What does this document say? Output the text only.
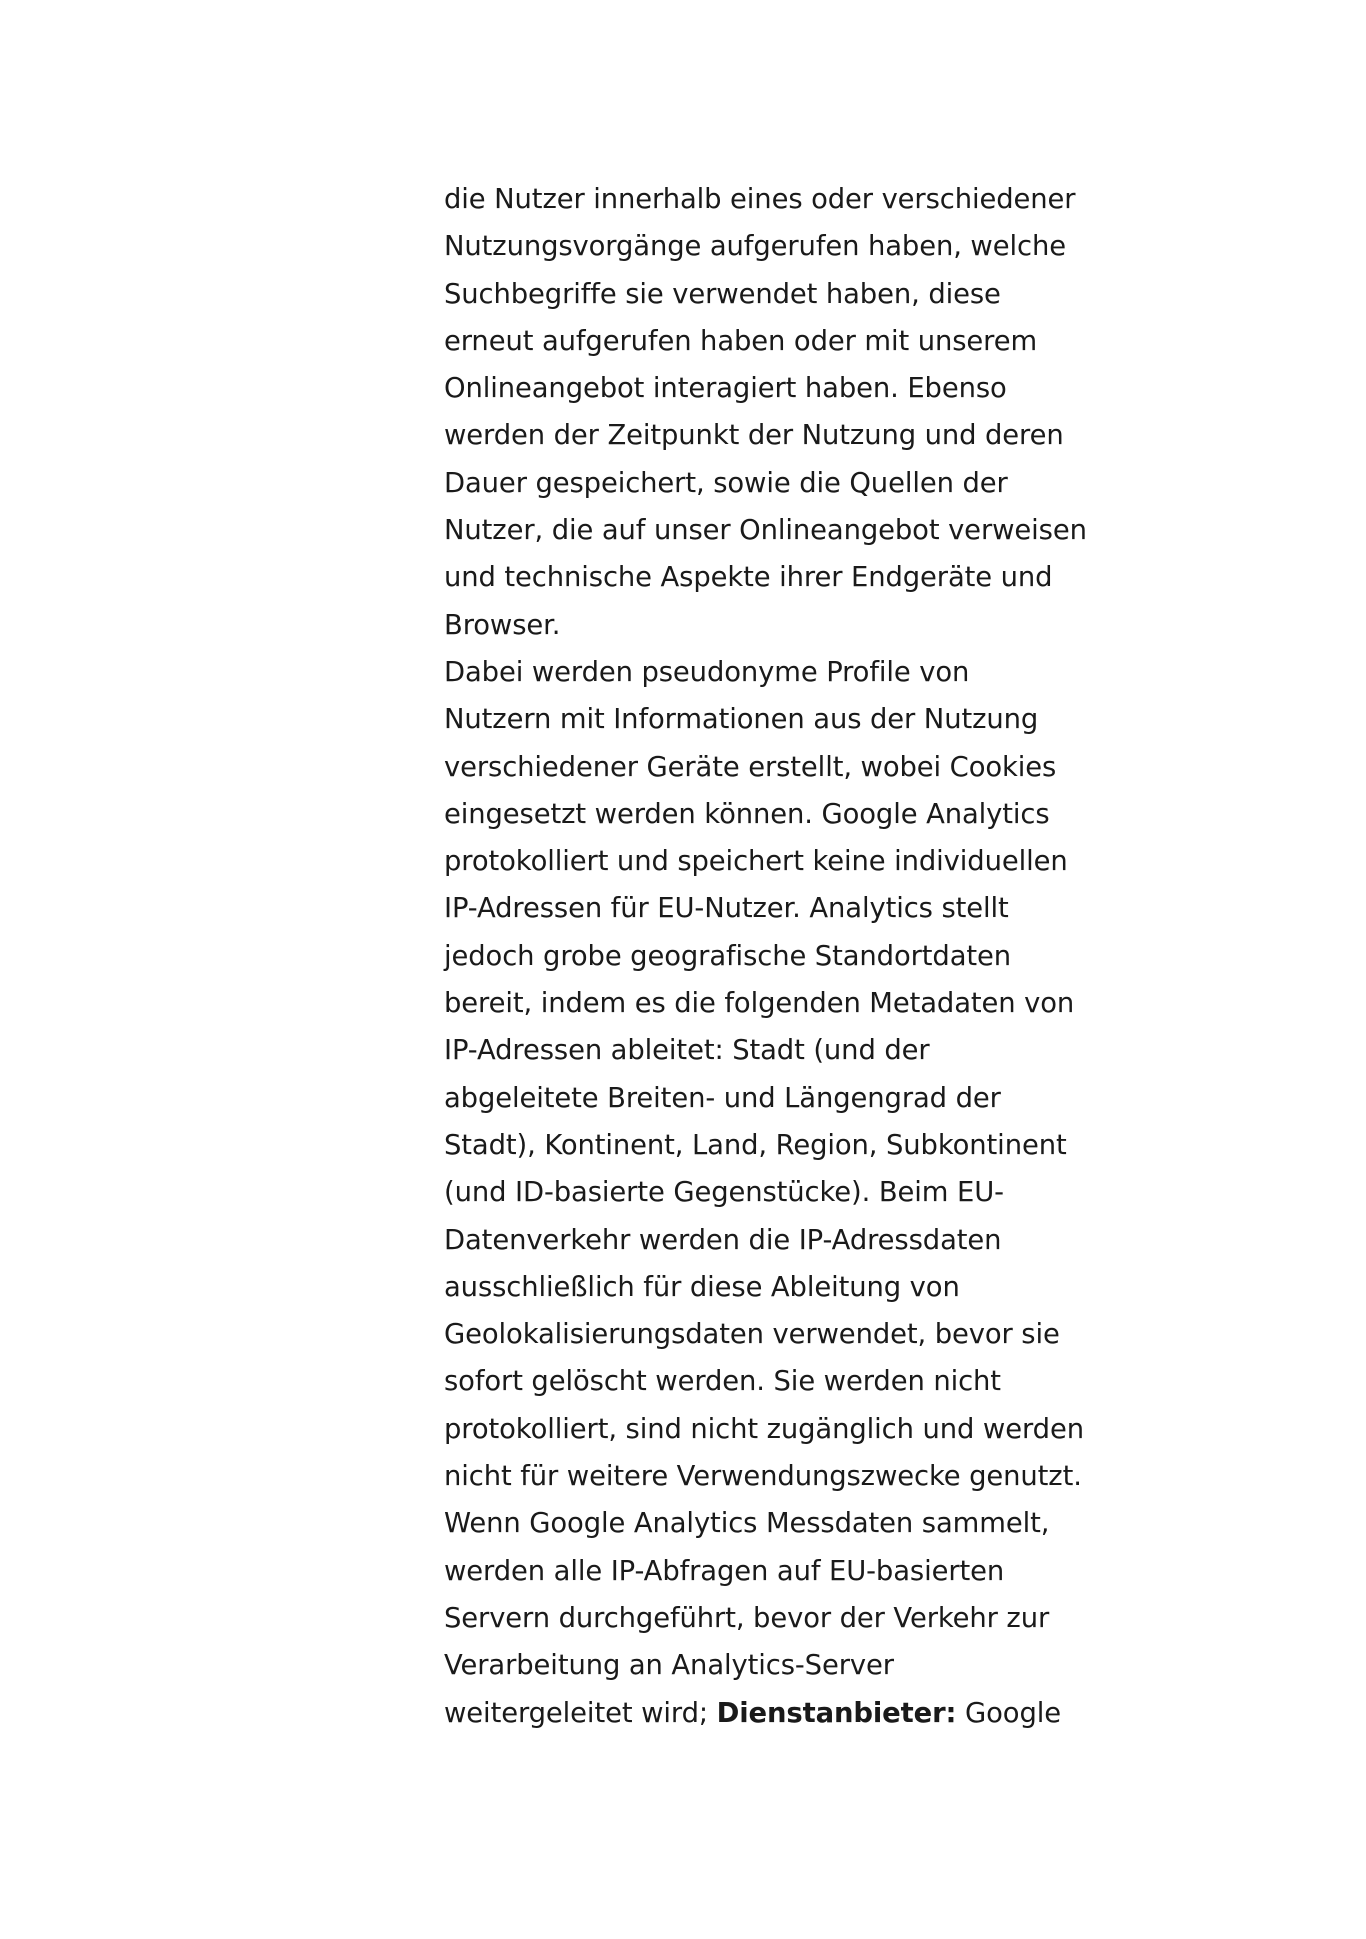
die Nutzer innerhalb eines oder verschiedener
Nutzungsvorgänge aufgerufen haben, welche
Suchbegriffe sie verwendet haben, diese
erneut aufgerufen haben oder mit unserem
Onlineangebot interagiert haben. Ebenso
werden der Zeitpunkt der Nutzung und deren
Dauer gespeichert, sowie die Quellen der
Nutzer, die auf unser Onlineangebot verweisen
und technische Aspekte ihrer Endgeräte und
Browser.
Dabei werden pseudonyme Profile von
Nutzern mit Informationen aus der Nutzung
verschiedener Geräte erstellt, wobei Cookies
eingesetzt werden können. Google Analytics
protokolliert und speichert keine individuellen
IP-Adressen für EU-Nutzer. Analytics stellt
jedoch grobe geografische Standortdaten
bereit, indem es die folgenden Metadaten von
IP-Adressen ableitet: Stadt (und der
abgeleitete Breiten- und Längengrad der
Stadt), Kontinent, Land, Region, Subkontinent
(und ID-basierte Gegenstücke). Beim EU-
Datenverkehr werden die IP-Adressdaten
ausschließlich für diese Ableitung von
Geolokalisierungsdaten verwendet, bevor sie
sofort gelöscht werden. Sie werden nicht
protokolliert, sind nicht zugänglich und werden
nicht für weitere Verwendungszwecke genutzt.
Wenn Google Analytics Messdaten sammelt,
werden alle IP-Abfragen auf EU-basierten
Servern durchgeführt, bevor der Verkehr zur
Verarbeitung an Analytics-Server
weitergeleitet wird; Dienstanbieter: Google
